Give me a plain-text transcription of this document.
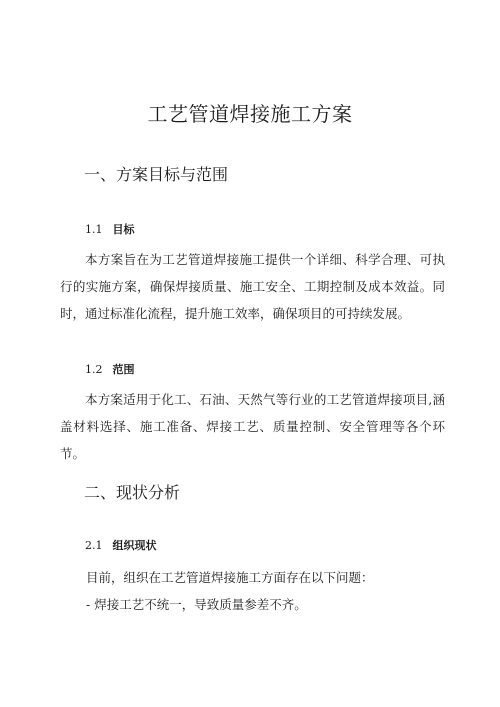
工艺管道焊接施工方案
一、方案目标与范围
1.1 目标

本方案旨在为工艺管道焊接施工提供一个详细、科学合理、可执行的实施方案，确保焊接质量、施工安全、工期控制及成本效益。同时，通过标准化流程，提升施工效率，确保项目的可持续发展。

1.2 范围

本方案适用于化工、石油、天然气等行业的工艺管道焊接项目,涵盖材料选择、施工准备、焊接工艺、质量控制、安全管理等各个环节。

二、现状分析
2.1 组织现状

目前，组织在工艺管道焊接施工方面存在以下问题：

- 焊接工艺不统一，导致质量参差不齐。
